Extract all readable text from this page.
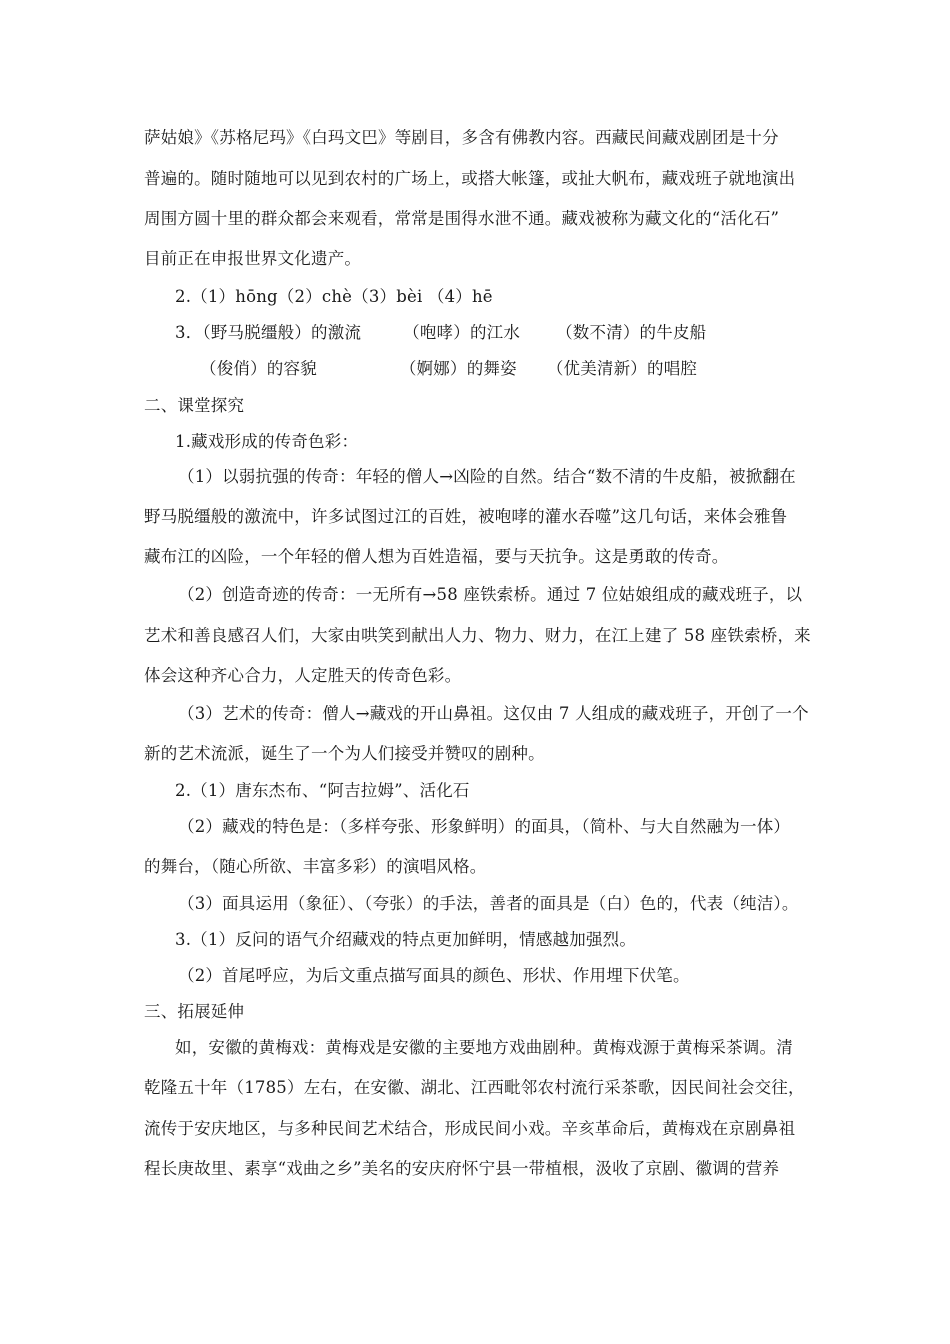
萨姑娘》《苏格尼玛》《白玛文巴》等剧目，多含有佛教内容。西藏民间藏戏剧团是十分
普遍的。随时随地可以见到农村的广场上，或搭大帐篷，或扯大帆布，藏戏班子就地演出
周围方圆十里的群众都会来观看，常常是围得水泄不通。藏戏被称为藏文化的“活化石”
目前正在申报世界文化遗产。
2.（1）hōng（2）chè（3）bèi （4）hē
3．（野马脱缰般）的激流	（咆哮）的江水 （数不清）的牛皮船
（俊俏）的容貌	（婀娜）的舞姿 （优美清新）的唱腔
二、课堂探究
1.藏戏形成的传奇色彩：
（1）以弱抗强的传奇：年轻的僧人→凶险的自然。结合“数不清的牛皮船，被掀翻在
野马脱缰般的激流中，许多试图过江的百姓，被咆哮的灌水吞噬”这几句话，来体会雅鲁
藏布江的凶险，一个年轻的僧人想为百姓造福，要与天抗争。这是勇敢的传奇。
（2）创造奇迹的传奇：一无所有→58 座铁索桥。通过 7 位姑娘组成的藏戏班子，以
艺术和善良感召人们，大家由哄笑到献出人力、物力、财力，在江上建了 58 座铁索桥，来
体会这种齐心合力，人定胜天的传奇色彩。
（3）艺术的传奇：僧人→藏戏的开山鼻祖。这仅由 7 人组成的藏戏班子，开创了一个
新的艺术流派，诞生了一个为人们接受并赞叹的剧种。
2.（1）唐东杰布、“阿吉拉姆”、活化石
（2）藏戏的特色是：（多样夸张、形象鲜明）的面具，（简朴、与大自然融为一体）
的舞台，（随心所欲、丰富多彩）的演唱风格。
（3）面具运用（象征）、（夸张）的手法，善者的面具是（白）色的，代表（纯洁）。
3.（1）反问的语气介绍藏戏的特点更加鲜明，情感越加强烈。
（2）首尾呼应，为后文重点描写面具的颜色、形状、作用埋下伏笔。
三、拓展延伸
如，安徽的黄梅戏：黄梅戏是安徽的主要地方戏曲剧种。黄梅戏源于黄梅采茶调。清
乾隆五十年（1785）左右，在安徽、湖北、江西毗邻农村流行采茶歌，因民间社会交往，
流传于安庆地区，与多种民间艺术结合，形成民间小戏。辛亥革命后，黄梅戏在京剧鼻祖
程长庚故里、素享“戏曲之乡”美名的安庆府怀宁县一带植根，汲收了京剧、徽调的营养
